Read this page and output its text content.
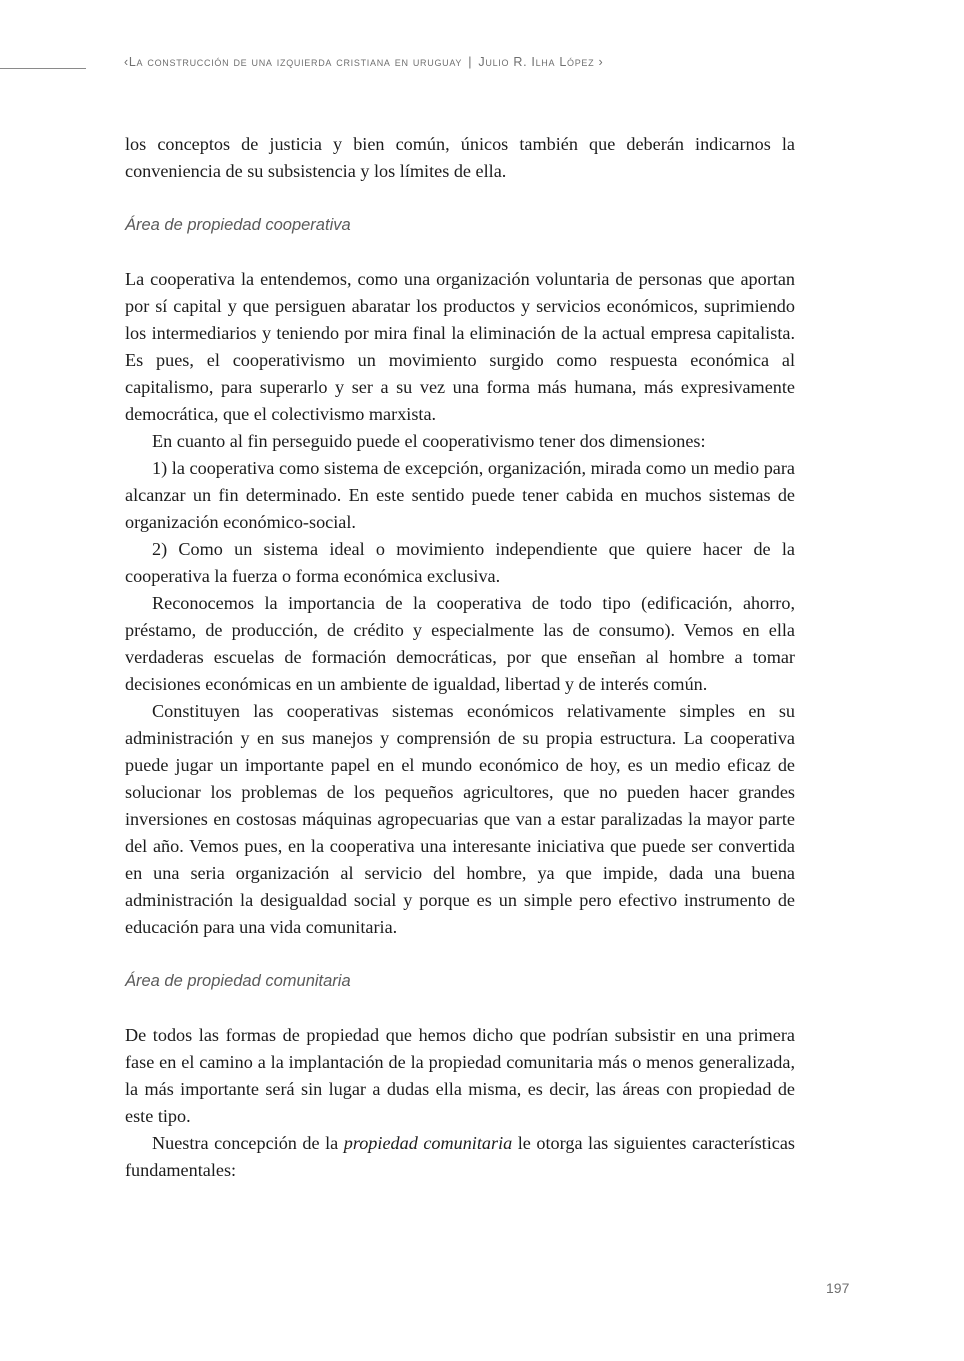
‹La construcción de una izquierda cristiana en uruguay | Julio R. Ilha López ›

los conceptos de justicia y bien común, únicos también que deberán indicarnos la conveniencia de su subsistencia y los límites de ella.

Área de propiedad cooperativa

La cooperativa la entendemos, como una organización voluntaria de personas que aportan por sí capital y que persiguen abaratar los productos y servicios económicos, suprimiendo los intermediarios y teniendo por mira final la eliminación de la actual empresa capitalista. Es pues, el cooperativismo un movimiento surgido como respuesta económica al capitalismo, para superarlo y ser a su vez una forma más humana, más expresivamente democrática, que el colectivismo marxista.

En cuanto al fin perseguido puede el cooperativismo tener dos dimensiones:

1) la cooperativa como sistema de excepción, organización, mirada como un medio para alcanzar un fin determinado. En este sentido puede tener cabida en muchos sistemas de organización económico-social.

2) Como un sistema ideal o movimiento independiente que quiere hacer de la cooperativa la fuerza o forma económica exclusiva.

Reconocemos la importancia de la cooperativa de todo tipo (edificación, ahorro, préstamo, de producción, de crédito y especialmente las de consumo). Vemos en ella verdaderas escuelas de formación democráticas, por que enseñan al hombre a tomar decisiones económicas en un ambiente de igualdad, libertad y de interés común.

Constituyen las cooperativas sistemas económicos relativamente simples en su administración y en sus manejos y comprensión de su propia estructura. La cooperativa puede jugar un importante papel en el mundo económico de hoy, es un medio eficaz de solucionar los problemas de los pequeños agricultores, que no pueden hacer grandes inversiones en costosas máquinas agropecuarias que van a estar paralizadas la mayor parte del año. Vemos pues, en la cooperativa una interesante iniciativa que puede ser convertida en una seria organización al servicio del hombre, ya que impide, dada una buena administración la desigualdad social y porque es un simple pero efectivo instrumento de educación para una vida comunitaria.

Área de propiedad comunitaria

De todos las formas de propiedad que hemos dicho que podrían subsistir en una primera fase en el camino a la implantación de la propiedad comunitaria más o menos generalizada, la más importante será sin lugar a dudas ella misma, es decir, las áreas con propiedad de este tipo.

Nuestra concepción de la propiedad comunitaria le otorga las siguientes características fundamentales:

197
